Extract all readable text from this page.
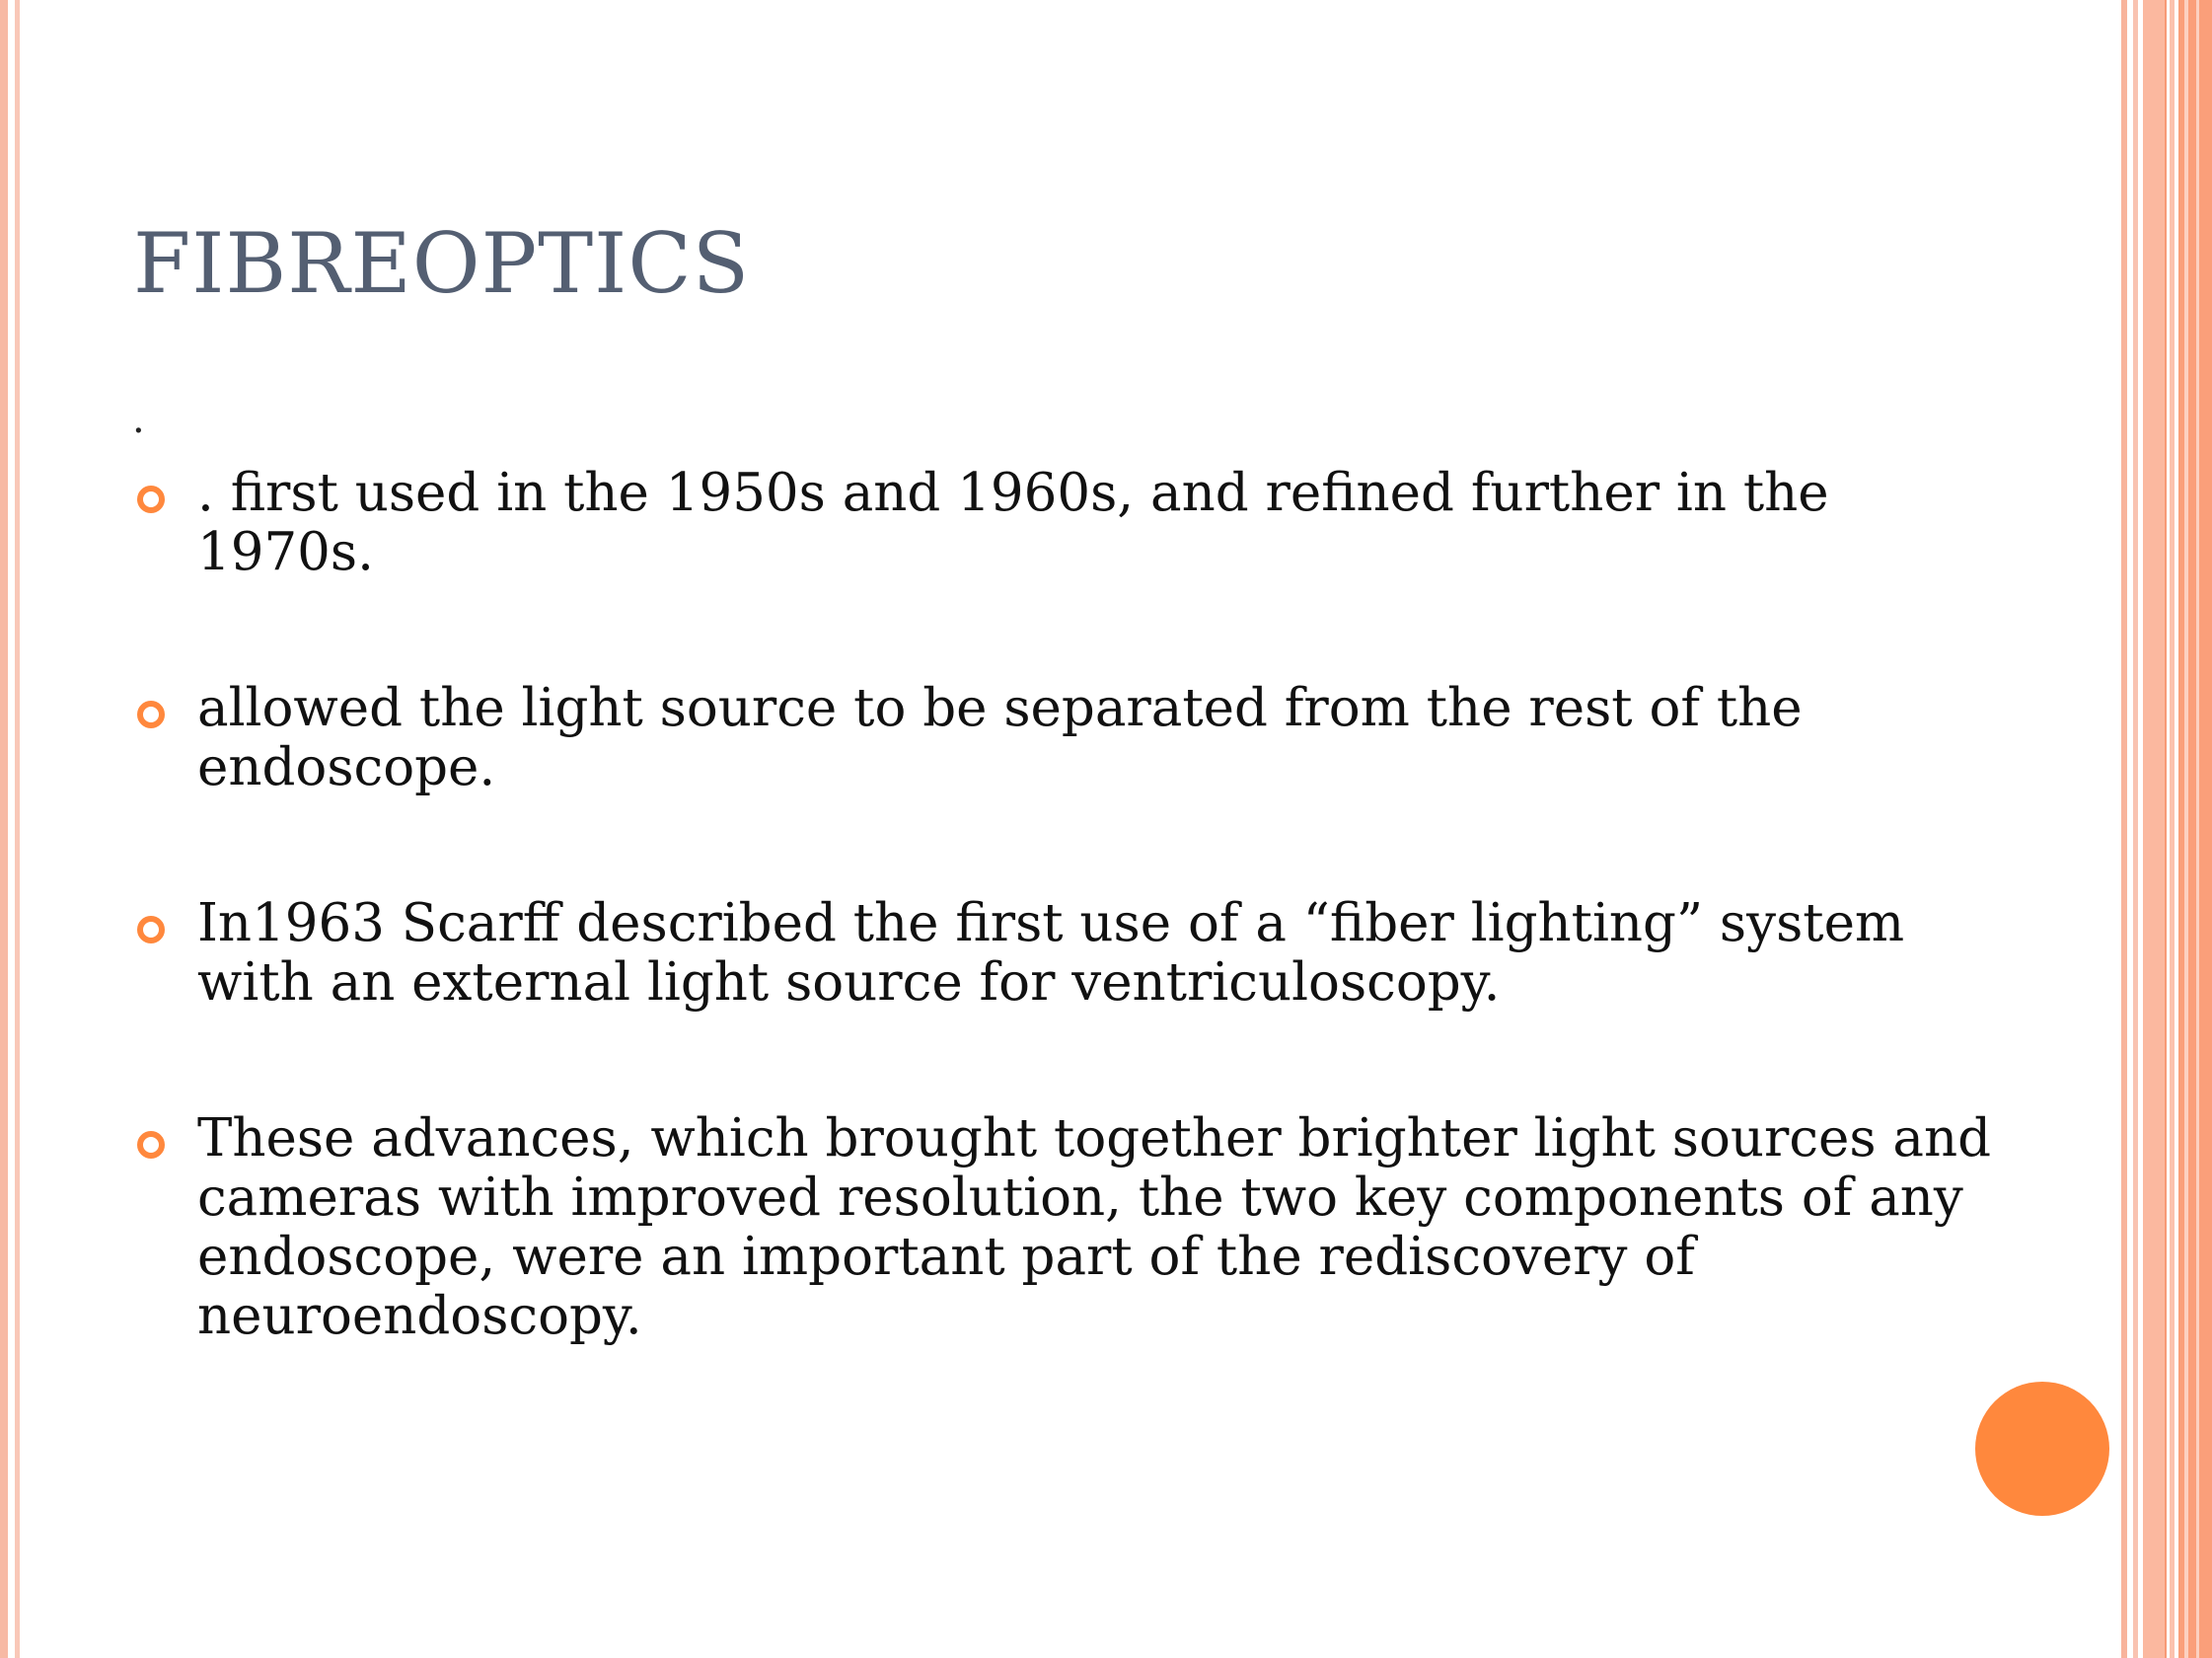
FIBREOPTICS
.
. first used in the 1950s and 1960s, and refined further in the 1970s.
allowed the light source to be separated from the rest of the endoscope.
In1963 Scarff described the first use of a “fiber lighting” system with an external light source for ventriculoscopy.
These advances, which brought together brighter light sources and cameras with improved resolution, the two key components of any endoscope, were an important part of the rediscovery of neuroendoscopy.
